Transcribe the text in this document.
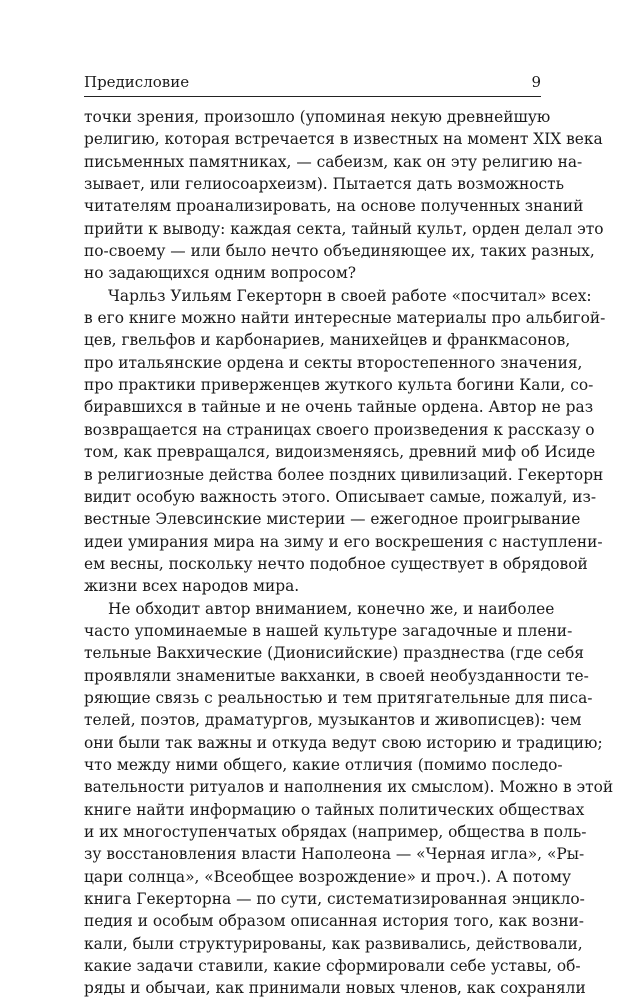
Предисловие	9

точки зрения, произошло (упоминая некую древнейшую
религию, которая встречается в известных на момент XIX века
письменных памятниках, — сабеизм, как он эту религию на-
зывает, или гелиосоархеизм). Пытается дать возможность
читателям проанализировать, на основе полученных знаний
прийти к выводу: каждая секта, тайный культ, орден делал это
по-своему — или было нечто объединяющее их, таких разных,
но задающихся одним вопросом?

Чарльз Уильям Гекерторн в своей работе «посчитал» всех:
в его книге можно найти интересные материалы про альбигой-
цев, гвельфов и карбонариев, манихейцев и франкмасонов,
про итальянские ордена и секты второстепенного значения,
про практики приверженцев жуткого культа богини Кали, со-
биравшихся в тайные и не очень тайные ордена. Автор не раз
возвращается на страницах своего произведения к рассказу о
том, как превращался, видоизменяясь, древний миф об Исиде
в религиозные действа более поздних цивилизаций. Гекерторн
видит особую важность этого. Описывает самые, пожалуй, из-
вестные Элевсинские мистерии — ежегодное проигрывание
идеи умирания мира на зиму и его воскрешения с наступлени-
ем весны, поскольку нечто подобное существует в обрядовой
жизни всех народов мира.

Не обходит автор вниманием, конечно же, и наиболее
часто упоминаемые в нашей культуре загадочные и плени-
тельные Вакхические (Дионисийские) празднества (где себя
проявляли знаменитые вакханки, в своей необузданности те-
ряющие связь с реальностью и тем притягательные для писа-
телей, поэтов, драматургов, музыкантов и живописцев): чем
они были так важны и откуда ведут свою историю и традицию;
что между ними общего, какие отличия (помимо последо-
вательности ритуалов и наполнения их смыслом). Можно в этой
книге найти информацию о тайных политических обществах
и их многоступенчатых обрядах (например, общества в поль-
зу восстановления власти Наполеона — «Черная игла», «Ры-
цари солнца», «Всеобщее возрождение» и проч.). А потому
книга Гекерторна — по сути, систематизированная энцикло-
педия и особым образом описанная история того, как возни-
кали, были структурированы, как развивались, действовали,
какие задачи ставили, какие сформировали себе уставы, об-
ряды и обычаи, как принимали новых членов, как сохраняли
